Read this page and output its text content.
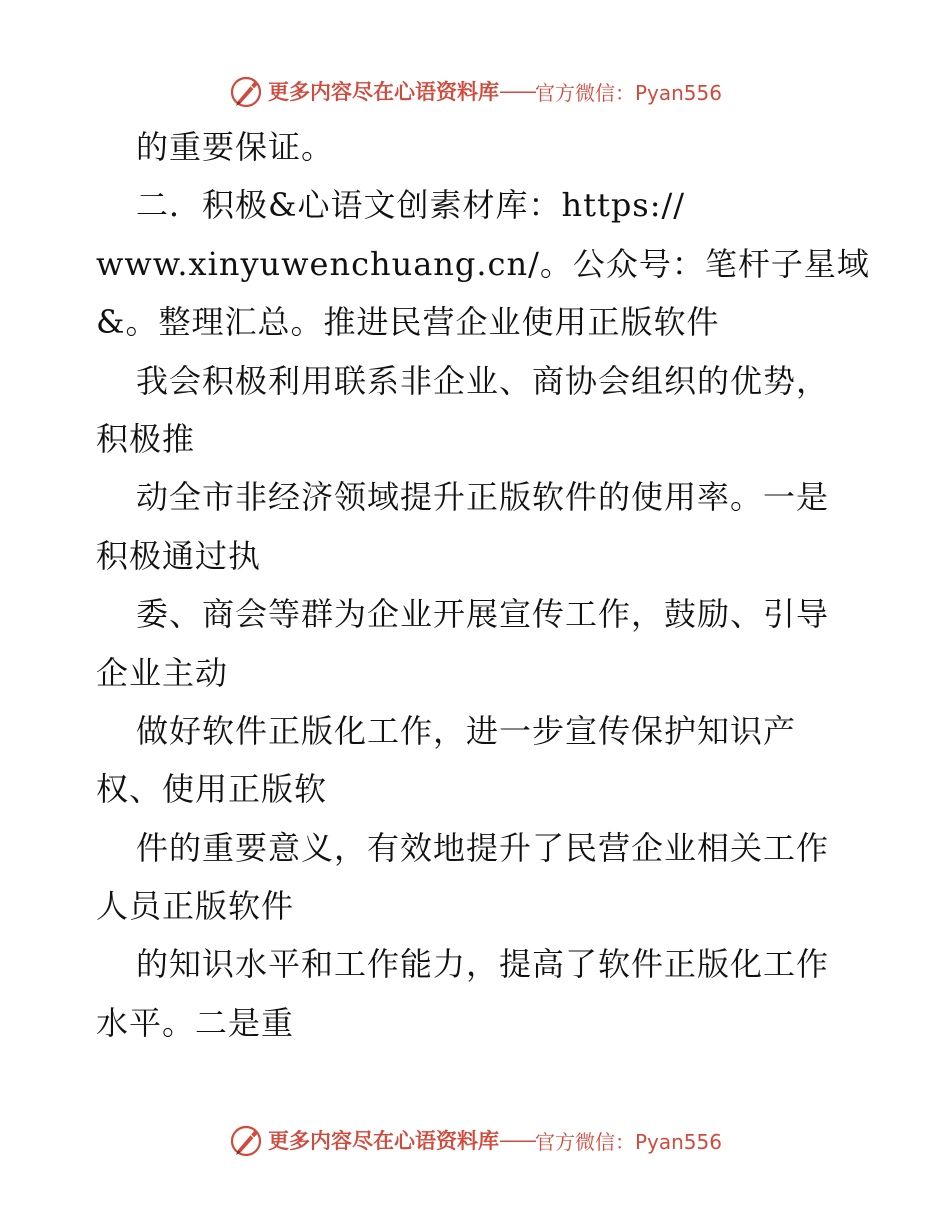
更多内容尽在心语资料库 —— 官方微信：Pyan556
的重要保证。
二．积极&心语文创素材库：https://
www.xinyuwenchuang.cn/。公众号：笔杆子星域
&。整理汇总。推进民营企业使用正版软件
我会积极利用联系非企业、商协会组织的优势，
积极推
动全市非经济领域提升正版软件的使用率。一是
积极通过执
委、商会等群为企业开展宣传工作，鼓励、引导
企业主动
做好软件正版化工作，进一步宣传保护知识产
权、使用正版软
件的重要意义，有效地提升了民营企业相关工作
人员正版软件
的知识水平和工作能力，提高了软件正版化工作
水平。二是重
更多内容尽在心语资料库 —— 官方微信：Pyan556
